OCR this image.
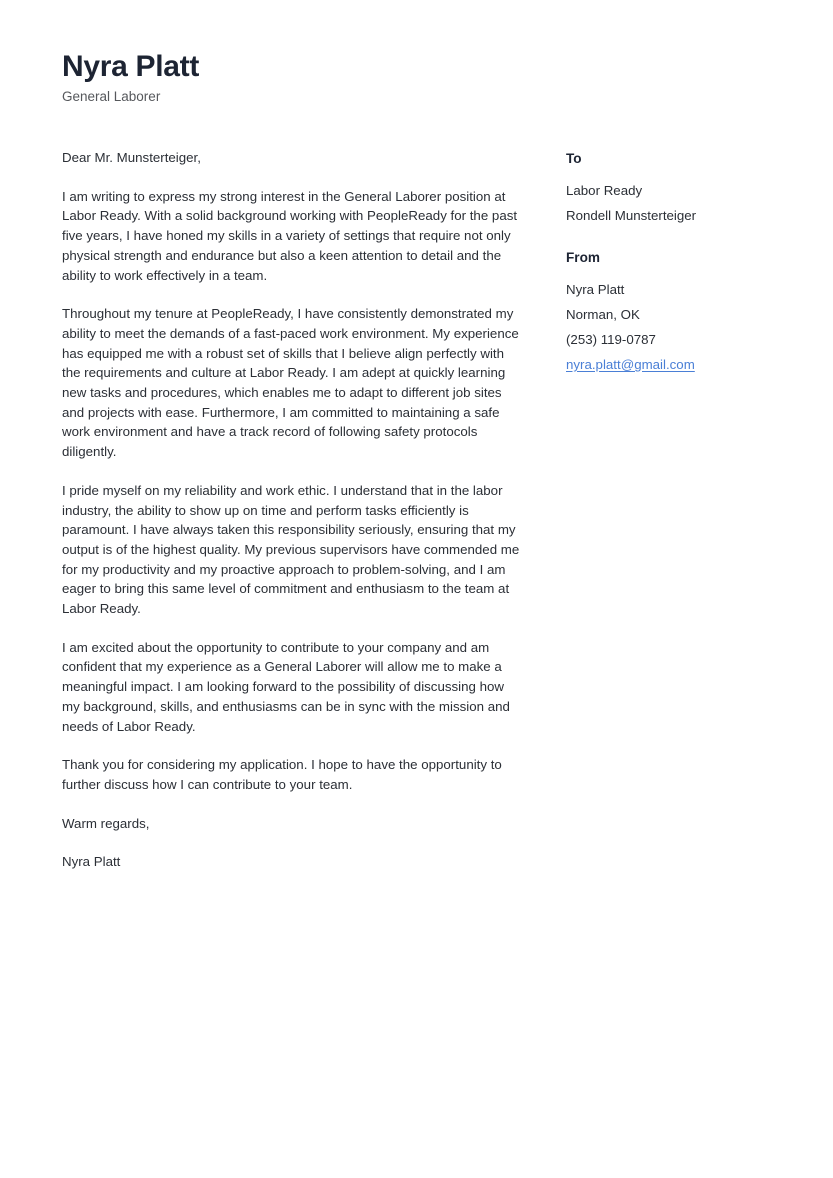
Nyra Platt
General Laborer

Dear Mr. Munsterteiger,

I am writing to express my strong interest in the General Laborer position at Labor Ready. With a solid background working with PeopleReady for the past five years, I have honed my skills in a variety of settings that require not only physical strength and endurance but also a keen attention to detail and the ability to work effectively in a team.

Throughout my tenure at PeopleReady, I have consistently demonstrated my ability to meet the demands of a fast-paced work environment. My experience has equipped me with a robust set of skills that I believe align perfectly with the requirements and culture at Labor Ready. I am adept at quickly learning new tasks and procedures, which enables me to adapt to different job sites and projects with ease. Furthermore, I am committed to maintaining a safe work environment and have a track record of following safety protocols diligently.

I pride myself on my reliability and work ethic. I understand that in the labor industry, the ability to show up on time and perform tasks efficiently is paramount. I have always taken this responsibility seriously, ensuring that my output is of the highest quality. My previous supervisors have commended me for my productivity and my proactive approach to problem-solving, and I am eager to bring this same level of commitment and enthusiasm to the team at Labor Ready.

I am excited about the opportunity to contribute to your company and am confident that my experience as a General Laborer will allow me to make a meaningful impact. I am looking forward to the possibility of discussing how my background, skills, and enthusiasms can be in sync with the mission and needs of Labor Ready.

Thank you for considering my application. I hope to have the opportunity to further discuss how I can contribute to your team.

Warm regards,

Nyra Platt

To
Labor Ready
Rondell Munsterteiger
From
Nyra Platt
Norman, OK
(253) 119-0787
nyra.platt@gmail.com
